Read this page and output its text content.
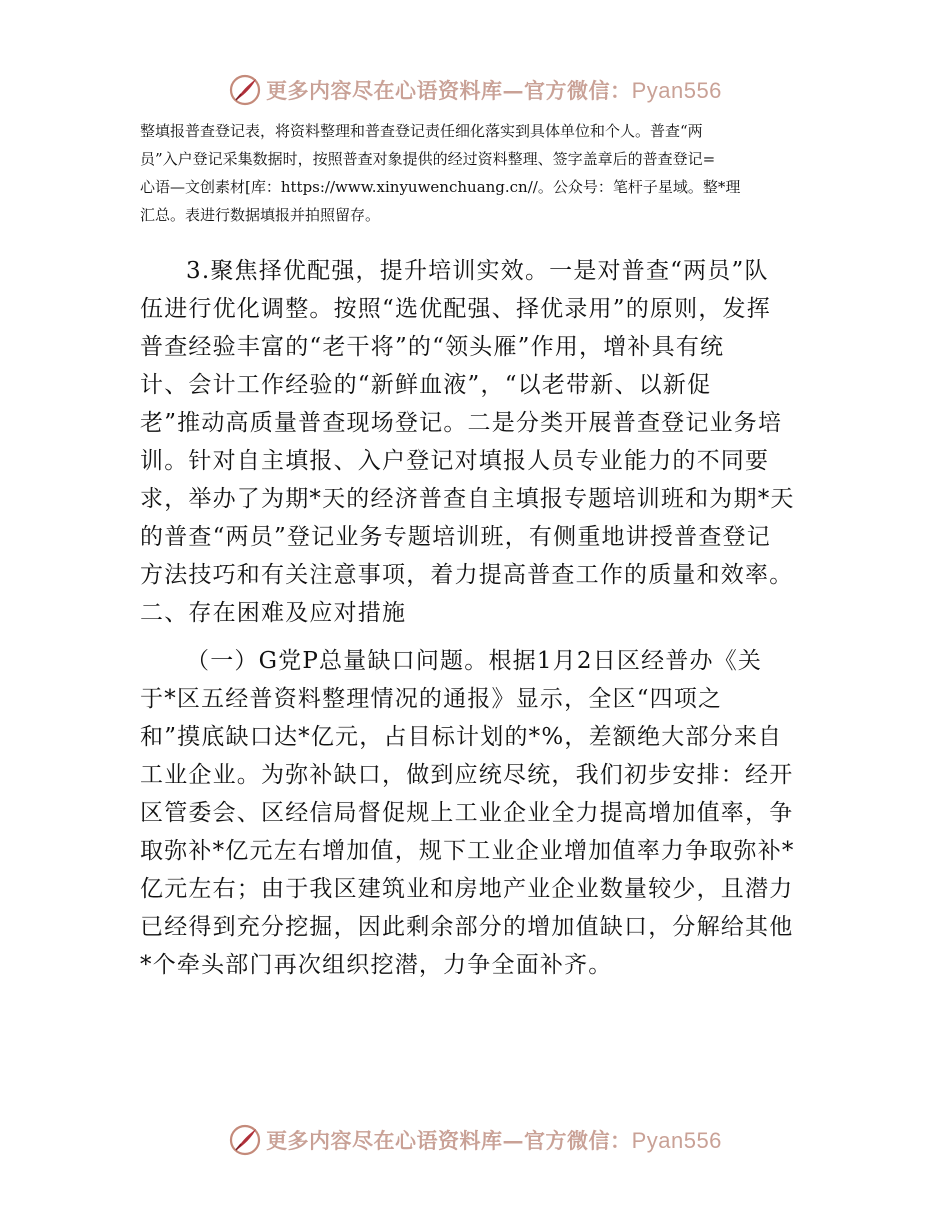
更多内容尽在心语资料库—官方微信：Pyan556
整填报普查登记表，将资料整理和普查登记责任细化落实到具体单位和个人。普查“两
员”入户登记采集数据时，按照普查对象提供的经过资料整理、签字盖章后的普查登记=
心语—文创素材[库：https://www.xinyuwenchuang.cn//。公众号：笔杆子星域。整*理
汇总。表进行数据填报并拍照留存。
3.聚焦择优配强，提升培训实效。一是对普查“两员”队
伍进行优化调整。按照“选优配强、择优录用”的原则，发挥
普查经验丰富的“老干将”的“领头雁”作用，增补具有统
计、会计工作经验的“新鲜血液”，“以老带新、以新促
老”推动高质量普查现场登记。二是分类开展普查登记业务培
训。针对自主填报、入户登记对填报人员专业能力的不同要
求，举办了为期*天的经济普查自主填报专题培训班和为期*天
的普查“两员”登记业务专题培训班，有侧重地讲授普查登记
方法技巧和有关注意事项，着力提高普查工作的质量和效率。
二、存在困难及应对措施
（一）G党P总量缺口问题。根据1月2日区经普办《关
于*区五经普资料整理情况的通报》显示，全区“四项之
和”摸底缺口达*亿元，占目标计划的*%，差额绝大部分来自
工业企业。为弥补缺口，做到应统尽统，我们初步安排：经开
区管委会、区经信局督促规上工业企业全力提高增加值率，争
取弥补*亿元左右增加值，规下工业企业增加值率力争取弥补*
亿元左右；由于我区建筑业和房地产业企业数量较少，且潜力
已经得到充分挖掘，因此剩余部分的增加值缺口，分解给其他
*个牵头部门再次组织挖潜，力争全面补齐。
更多内容尽在心语资料库—官方微信：Pyan556
